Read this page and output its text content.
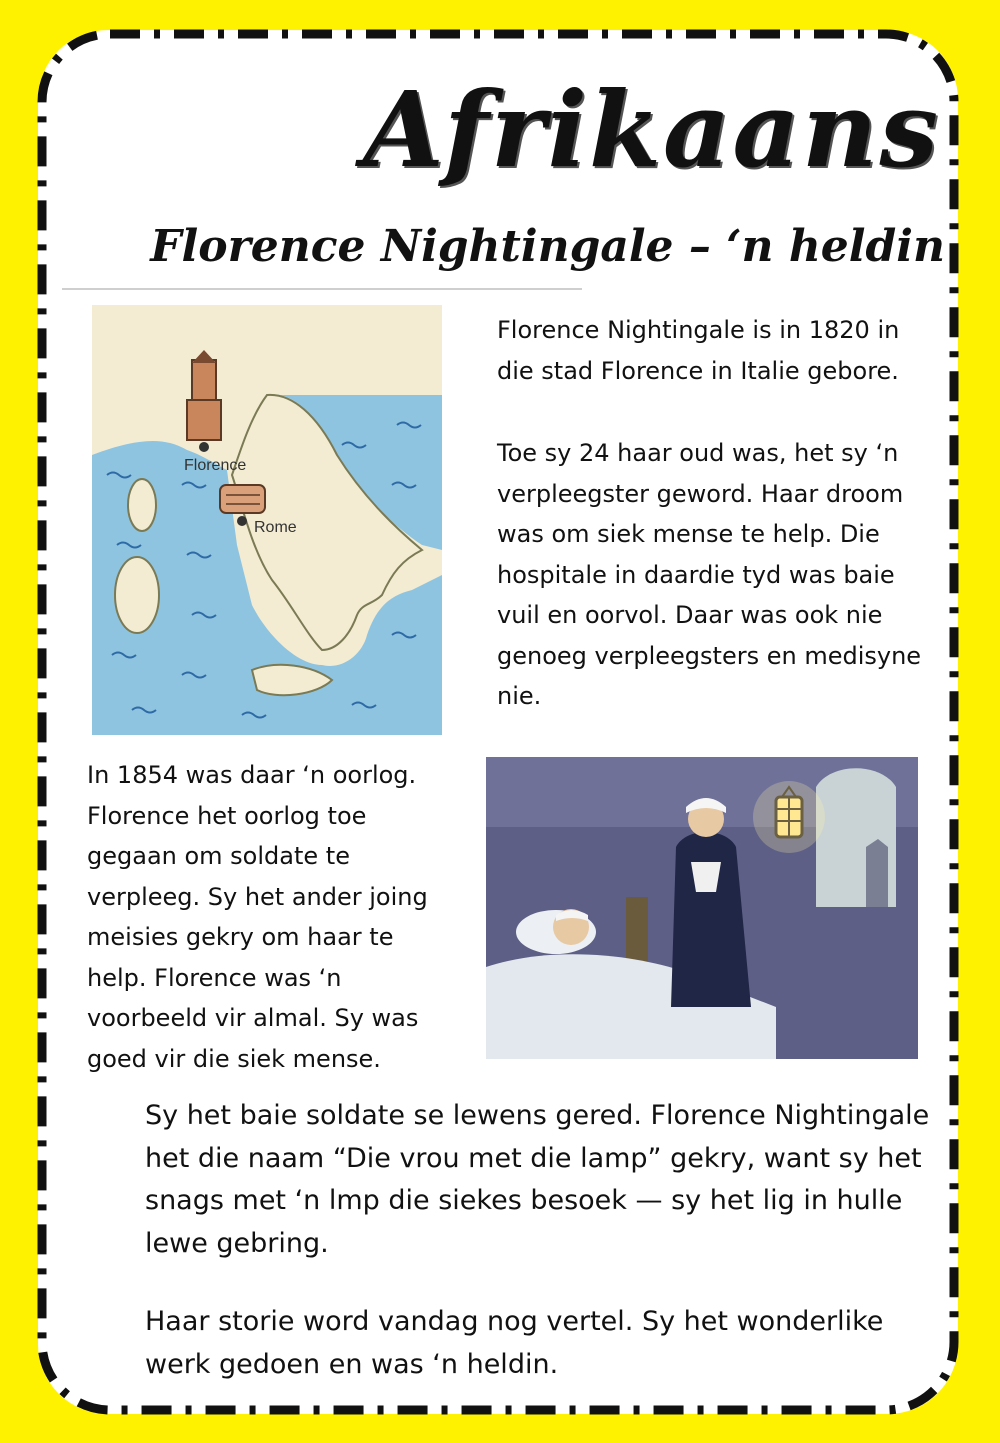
Afrikaans
Florence Nightingale – ‘n heldin
Florence
Rome

Florence Nightingale is in 1820 in die stad Florence in Italie gebore.

Toe sy 24 haar oud was, het sy ‘n verpleegster geword. Haar droom was om siek mense te help. Die hospitale in daardie tyd was baie vuil en oorvol. Daar was ook nie genoeg verpleegsters en medisyne nie.

In 1854 was daar ‘n oorlog. Florence het oorlog toe gegaan om soldate te verpleeg. Sy het ander joing meisies gekry om haar te help. Florence was ‘n voorbeeld vir almal. Sy was goed vir die siek mense.

Sy het baie soldate se lewens gered. Florence Nightingale het die naam “Die vrou met die lamp” gekry, want sy het snags met ‘n lmp die siekes besoek — sy het lig in hulle lewe gebring.

Haar storie word vandag nog vertel. Sy het wonderlike werk gedoen en was ‘n heldin.
